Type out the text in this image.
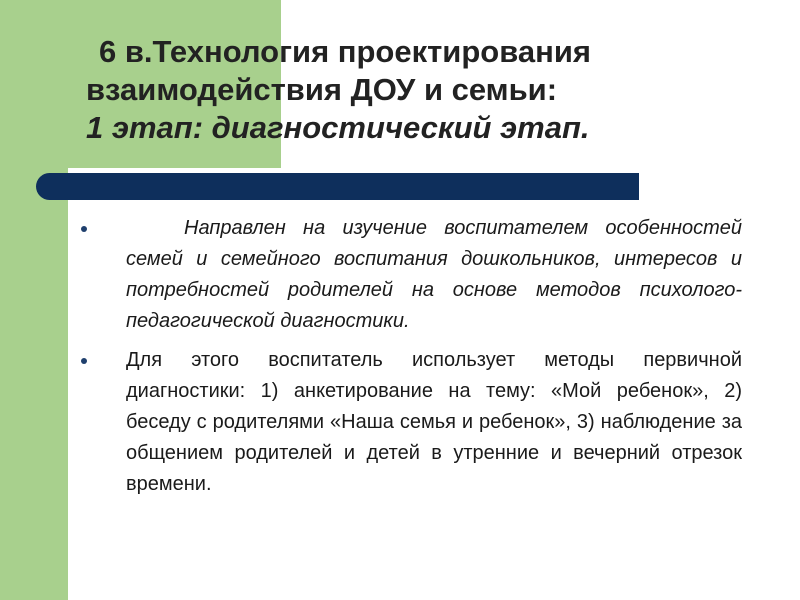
6 в.Технология проектирования
взаимодействия ДОУ и семьи:
1 этап: диагностический этап.
Направлен на изучение воспитателем особенностей семей и семейного воспитания дошкольников, интересов и потребностей родителей на основе методов психолого-педагогической диагностики.
Для этого воспитатель использует методы первичной диагностики: 1) анкетирование на тему: «Мой ребенок», 2) беседу с родителями «Наша семья и ребенок», 3) наблюдение за общением родителей и детей в утренние и вечерний отрезок времени.
